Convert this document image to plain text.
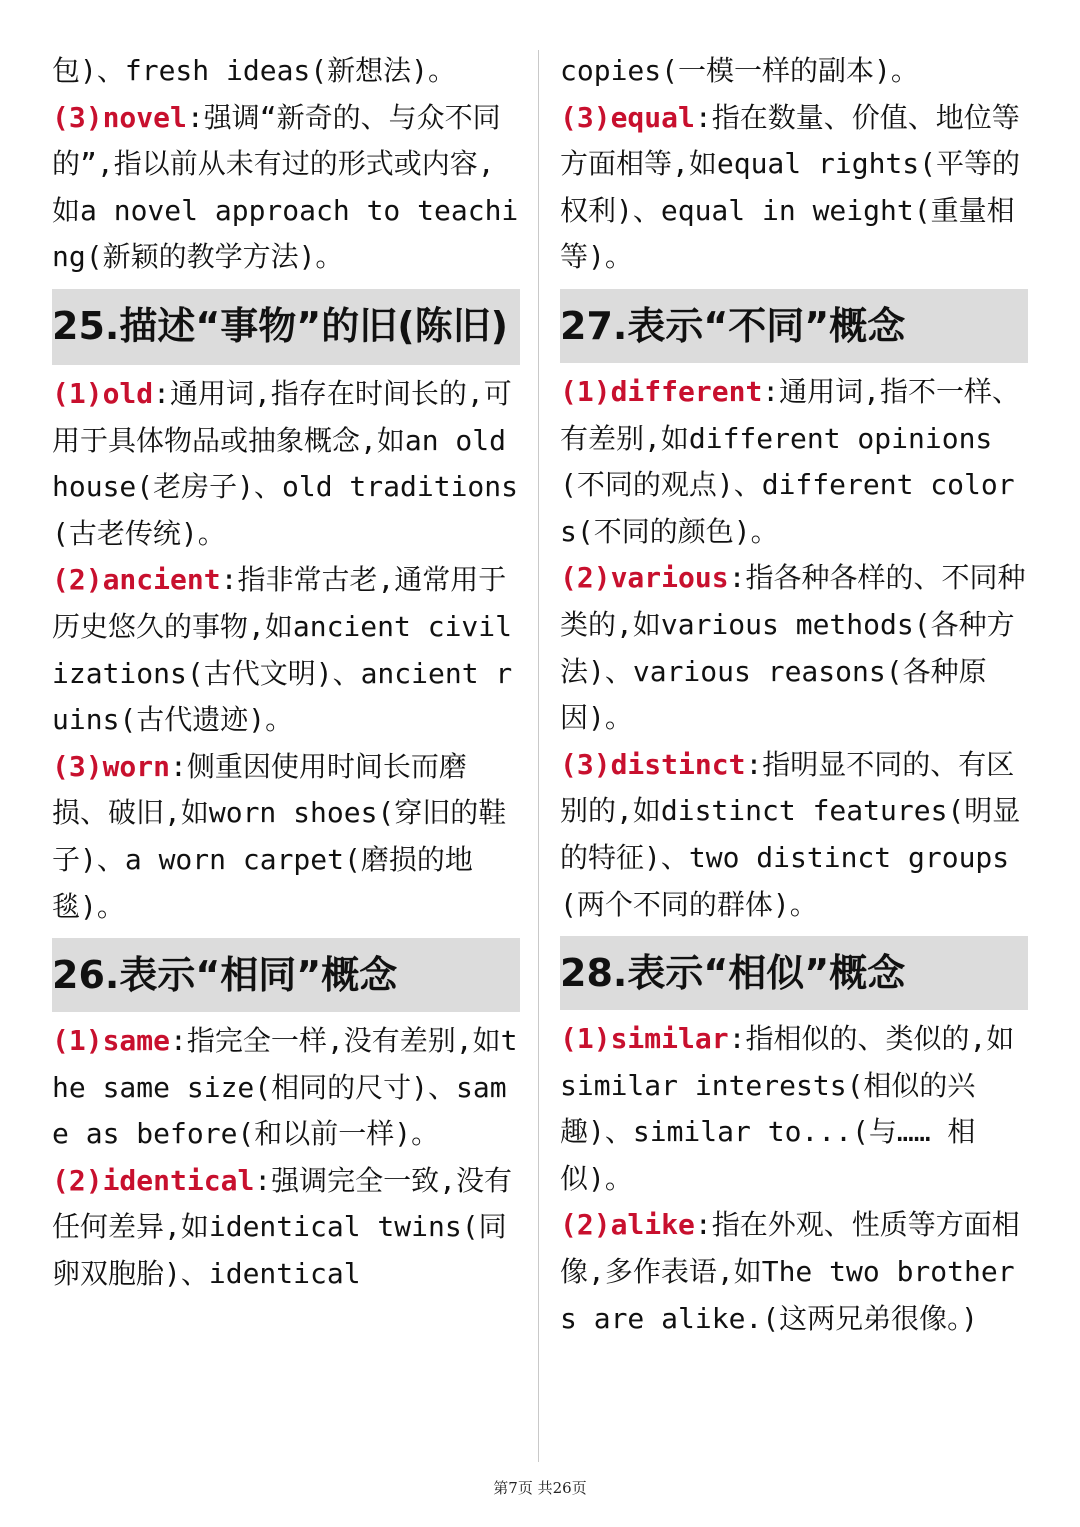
包)、fresh ideas(新想法)。

(3)novel:强调“新奇的、与众不同的”,指以前从未有过的形式或内容,如a novel approach to teaching(新颖的教学方法)。

25.描述“事物”的旧(陈旧)

(1)old:通用词,指存在时间长的,可用于具体物品或抽象概念,如an old house(老房子)、old traditions(古老传统)。

(2)ancient:指非常古老,通常用于历史悠久的事物,如ancient civilizations(古代文明)、ancient ruins(古代遗迹)。

(3)worn:侧重因使用时间长而磨损、破旧,如worn shoes(穿旧的鞋子)、a worn carpet(磨损的地毯)。

26.表示“相同”概念

(1)same:指完全一样,没有差别,如the same size(相同的尺寸)、same as before(和以前一样)。

(2)identical:强调完全一致,没有任何差异,如identical twins(同卵双胞胎)、identical

copies(一模一样的副本)。

(3)equal:指在数量、价值、地位等方面相等,如equal rights(平等的权利)、equal in weight(重量相等)。

27.表示“不同”概念

(1)different:通用词,指不一样、有差别,如different opinions(不同的观点)、different colors(不同的颜色)。

(2)various:指各种各样的、不同种类的,如various methods(各种方法)、various reasons(各种原因)。

(3)distinct:指明显不同的、有区别的,如distinct features(明显的特征)、two distinct groups(两个不同的群体)。

28.表示“相似”概念

(1)similar:指相似的、类似的,如similar interests(相似的兴趣)、similar to...(与…… 相似)。

(2)alike:指在外观、性质等方面相像,多作表语,如The two brothers are alike.(这两兄弟很像。)

第7页 共26页
